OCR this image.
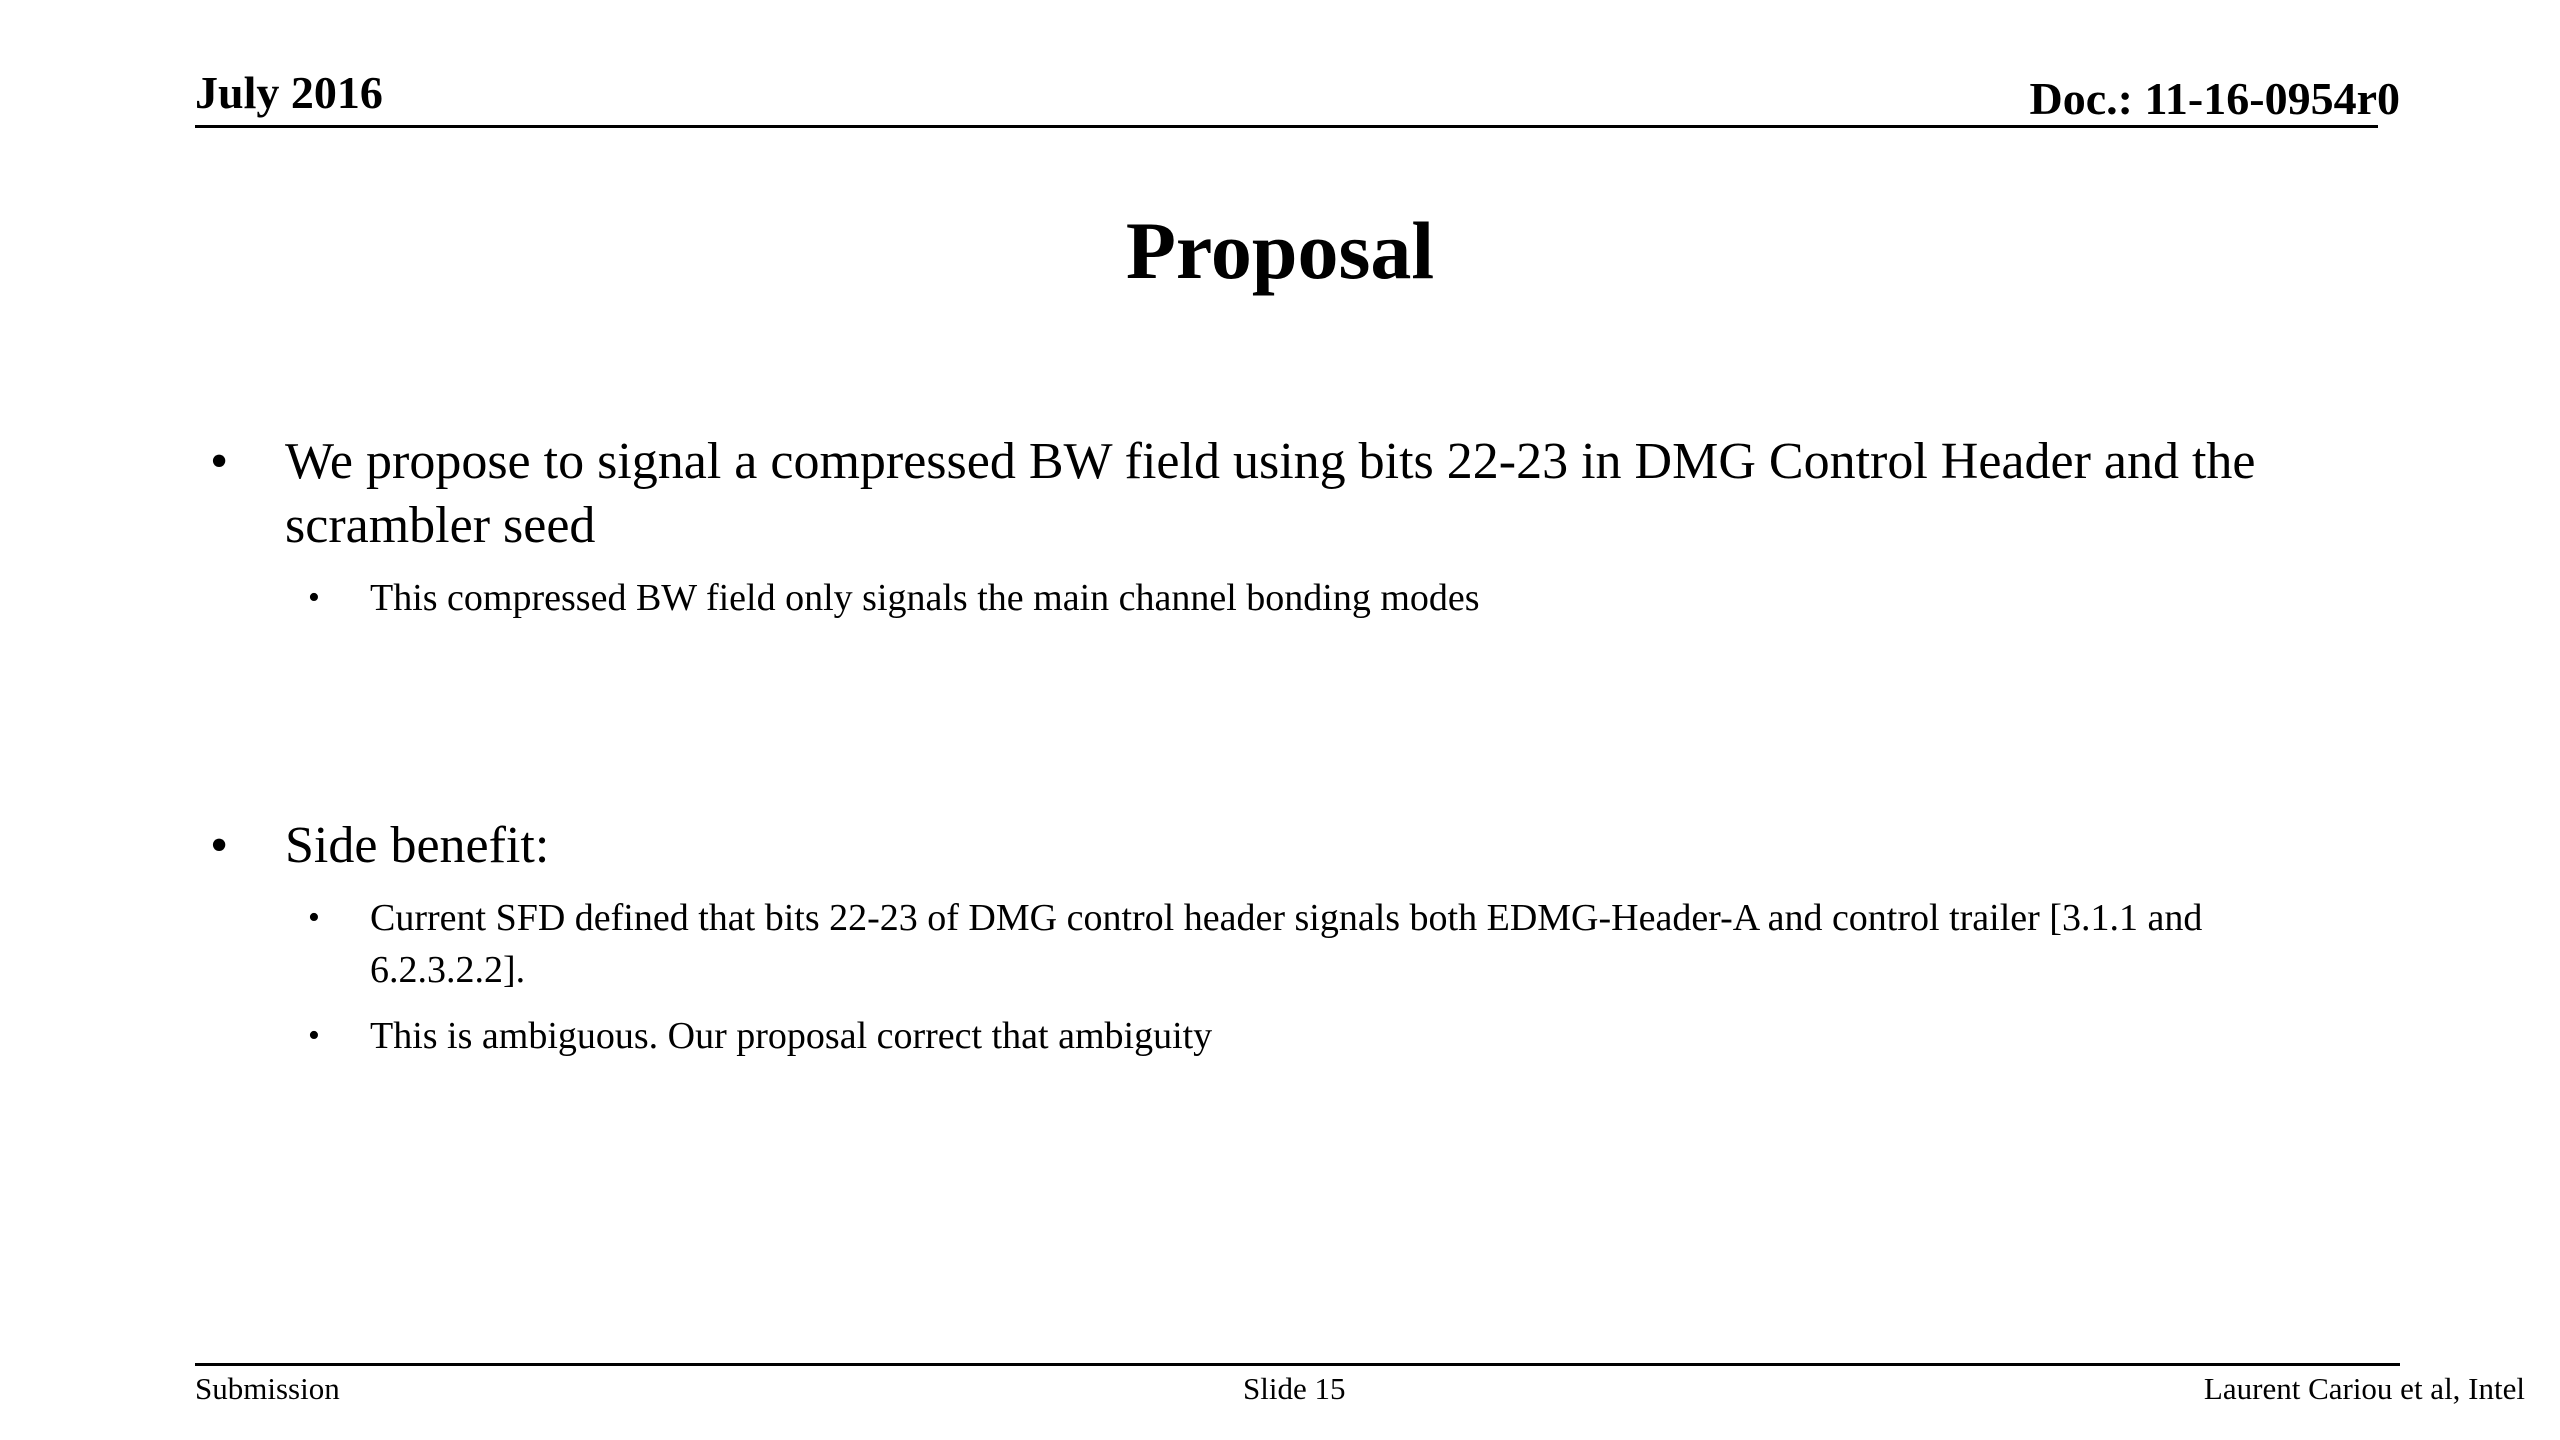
July 2016	Doc.: 11-16-0954r0
Proposal
• We propose to signal a compressed BW field using bits 22-23 in DMG Control Header and the scrambler seed
• This compressed BW field only signals the main channel bonding modes
• Side benefit:
• Current SFD defined that bits 22-23 of DMG control header signals both EDMG-Header-A and control trailer [3.1.1 and 6.2.3.2.2].
• This is ambiguous. Our proposal correct that ambiguity
Submission	Slide 15	Laurent Cariou et al, Intel
